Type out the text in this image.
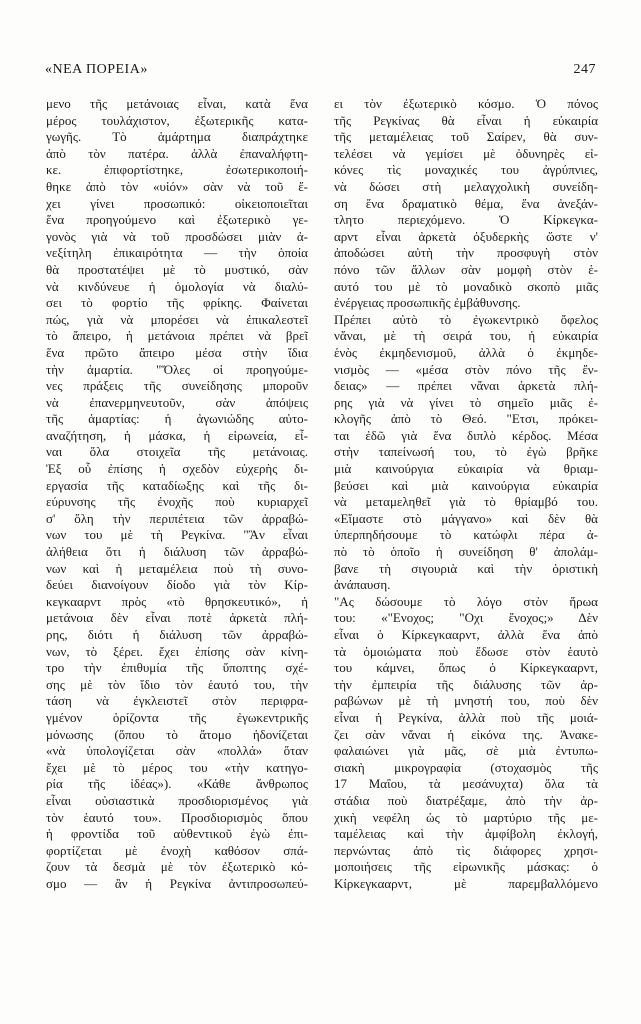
«ΝΕΑ ΠΟΡΕΙΑ»	247
μενο τῆς μετάνοιας εἶναι, κατὰ ἕνα
μέρος τουλάχιστον, ἐξωτερικῆς κατα-
γωγῆς. Τὸ ἁμάρτημα διαπράχτηκε
ἀπὸ τὸν πατέρα. ἀλλὰ ἐπαναλήφτη-
κε. ἐπιφορτίστηκε, ἐσωτερικοποιή-
θηκε ἀπὸ τὸν «υἱόν» σὰν νὰ τοῦ ἔ-
χει γίνει προσωπικό: οἰκειοποιεῖται
ἕνα προηγούμενο καὶ ἐξωτερικὸ γε-
γονὸς γιὰ νὰ τοῦ προσδώσει μιὰν ἀ-
νεξίτηλη ἐπικαιρότητα — τὴν ὁποία
θὰ προστατέψει μὲ τὸ μυστικό, σὰν
νὰ κινδύνευε ἡ ὁμολογία νὰ διαλύ-
σει τὸ φορτίο τῆς φρίκης. Φαίνεται
πώς, γιὰ νὰ μπορέσει νὰ ἐπικαλεστεῖ
τὸ ἄπειρο, ἡ μετάνοια πρέπει νὰ βρεῖ
ἕνα πρῶτο ἄπειρο μέσα στὴν ἴδια
τὴν ἁμαρτία. "Ὅλες οἱ προηγούμε-
νες πράξεις τῆς συνείδησης μποροῦν
νὰ ἐπανερμηνευτοῦν, σὰν ἀπόψεις
τῆς ἁμαρτίας: ἡ ἀγωνιώδης αὐτο-
αναζήτηση, ἡ μάσκα, ἡ εἰρωνεία, εἶ-
ναι ὅλα στοιχεῖα τῆς μετάνοιας.
Ἐξ οὗ ἐπίσης ἡ σχεδὸν εὐχερὴς δι-
εργασία τῆς καταδίωξης καὶ τῆς δι-
εύρυνσης τῆς ἐνοχῆς ποὺ κυριαρχεῖ
σ' ὅλη τὴν περιπέτεια τῶν ἀρραβώ-
νων του μὲ τὴ Ρεγκίνα. "Ἂν εἶναι
ἀλήθεια ὅτι ἡ διάλυση τῶν ἀρραβώ-
νων καὶ ἡ μεταμέλεια ποὺ τὴ συνο-
δεύει διανοίγουν δίοδο γιὰ τὸν Κίρ-
κεγκααρντ πρὸς «τὸ θρησκευτικό», ἡ
μετάνοια δὲν εἶναι ποτὲ ἀρκετὰ πλή-
ρης, διότι ἡ διάλυση τῶν ἀρραβώ-
νων, τὸ ξέρει. ἔχει ἐπίσης σὰν κίνη-
τρο τὴν ἐπιθυμία τῆς ὕποπτης σχέ-
σης μὲ τὸν ἴδιο τὸν ἑαυτό του, τὴν
τάση νὰ ἐγκλειστεῖ στὸν περιφρα-
γμένον ὁρίζοντα τῆς ἐγωκεντρικῆς
μόνωσης (ὅπου τὸ ἄτομο ἡδονίζεται
«νὰ ὑπολογίζεται σὰν «πολλά» ὅταν
ἔχει μὲ τὸ μέρος του «τὴν κατηγο-
ρία τῆς ἰδέας»). «Κάθε ἄνθρωπος
εἶναι οὐσιαστικὰ προσδιορισμένος γιὰ
τὸν ἑαυτό του». Προσδιορισμὸς ὅπου
ἡ φροντίδα τοῦ αὐθεντικοῦ ἐγὼ ἐπι-
φορτίζεται μὲ ἐνοχὴ καθόσον σπά-
ζουν τὰ δεσμὰ μὲ τὸν ἐξωτερικὸ κό-
σμο — ἂν ἡ Ρεγκίνα ἀντιπροσωπεύ-
ει τὸν ἐξωτερικὸ κόσμο. Ὁ πόνος
τῆς Ρεγκίνας θὰ εἶναι ἡ εὐκαιρία
τῆς μεταμέλειας τοῦ Σαίρεν, θὰ συν-
τελέσει νὰ γεμίσει μὲ ὀδυνηρὲς εἰ-
κόνες τὶς μοναχικές του ἀγρύπνιες,
νὰ δώσει στὴ μελαγχολικὴ συνείδη-
ση ἕνα δραματικὸ θέμα, ἕνα ἀνεξάν-
τλητο περιεχόμενο. Ὁ Κίρκεγκα-
αρντ εἶναι ἀρκετὰ ὀξυδερκὴς ὥστε ν'
ἀποδώσει αὐτὴ τὴν προσφυγὴ στὸν
πόνο τῶν ἄλλων σὰν μομφὴ στὸν ἑ-
αυτό του μὲ τὸ μοναδικὸ σκοπὸ μιᾶς
ἐνέργειας προσωπικῆς ἐμβάθυνσης.
Πρέπει αὐτὸ τὸ ἐγωκεντρικὸ ὄφελος
νἄναι, μὲ τὴ σειρά του, ἡ εὐκαιρία
ἑνὸς ἐκμηδενισμοῦ, ἀλλὰ ὁ ἐκμηδε-
νισμὸς — «μέσα στὸν πόνο τῆς ἔν-
δειας» — πρέπει νἄναι ἀρκετὰ πλή-
ρης γιὰ νὰ γίνει τὸ σημεῖο μιᾶς ἐ-
κλογῆς ἀπὸ τὸ Θεό. "Ετσι, πρόκει-
ται ἐδῶ γιὰ ἕνα διπλὸ κέρδος. Μέσα
στὴν ταπείνωσή του, τὸ ἐγὼ βρῆκε
μιὰ καινούργια εὐκαιρία νὰ θριαμ-
βεύσει καὶ μιὰ καινούργια εὐκαιρία
νὰ μεταμεληθεῖ γιὰ τὸ θρίαμβό του.
«Εἴμαστε στὸ μάγγανο» καὶ δὲν θὰ
ὑπερπηδήσουμε τὸ κατώφλι πέρα ἀ-
πὸ τὸ ὁποῖο ἡ συνείδηση θ' ἀπολάμ-
βανε τὴ σιγουριὰ καὶ τὴν ὁριστικὴ
ἀνάπαυση.
"Ας δώσουμε τὸ λόγο στὸν ἥρωα
του: «"Ενοχος; "Οχι ἔνοχος;» Δὲν
εἶναι ὁ Κίρκεγκααρντ, ἀλλὰ ἕνα ἀπὸ
τὰ ὁμοιώματα ποὺ ἔδωσε στὸν ἑαυτὸ
του κάμνει, ὅπως ὁ Κίρκεγκααρντ,
τὴν ἐμπειρία τῆς διάλυσης τῶν ἀρ-
ραβώνων μὲ τὴ μνηστή του, ποὺ δὲν
εἶναι ἡ Ρεγκίνα, ἀλλὰ ποὺ τῆς μοιά-
ζει σὰν νἄναι ἡ εἰκόνα της. Ἀνακε-
φαλαιώνει γιὰ μᾶς, σὲ μιὰ ἐντυπω-
σιακὴ μικρογραφία (στοχασμὸς τῆς
17 Μαΐου, τὰ μεσάνυχτα) ὅλα τὰ
στάδια ποὺ διατρέξαμε, ἀπὸ τὴν ἀρ-
χικὴ νεφέλη ὡς τὸ μαρτύριο τῆς με-
ταμέλειας καὶ τὴν ἀμφίβολη ἐκλογή,
περνώντας ἀπὸ τὶς διάφορες χρησι-
μοποιήσεις τῆς εἰρωνικῆς μάσκας: ὁ
Κίρκεγκααρντ, μὲ παρεμβαλλόμενο
